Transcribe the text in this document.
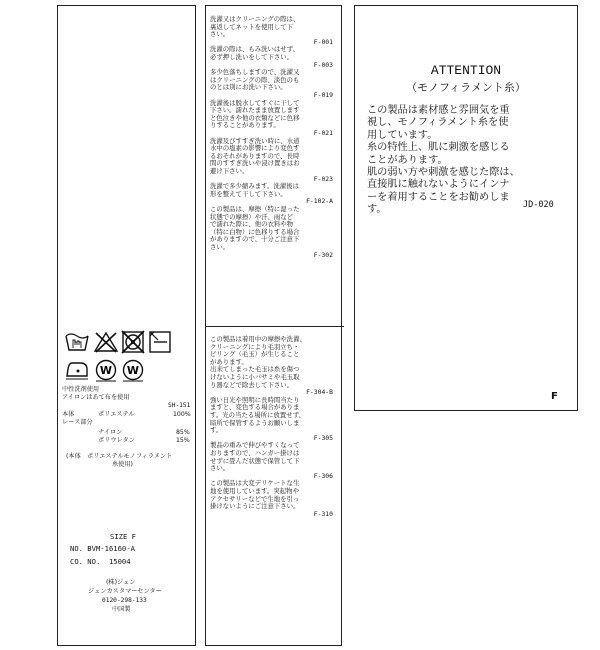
W W
中性洗剤使用
アイロンはあて布を使用
SH-151
本体	ポリエステル	100%
レース部分
ナイロン	85%
ポリウレタン	15%
(本体　ポリエステルモノフィラメント
糸使用)
SIZE F
NO. BVM-16160-A
CO. NO.  15004
(株)ジュン
ジュンカスタマーセンター
0120-298-133
中国製
洗濯又はクリーニングの際は、
裏返してネットを使用して下
さい。
F-001
洗濯の際は、もみ洗いはせず、
必ず押し洗いをして下さい。
F-003
多少色落ちしますので、洗濯又
はクリーニングの際、淡色のも
のとは別にお洗い下さい。
F-019
洗濯後は脱水してすぐに干して
下さい。濡れたまま放置します
と色泣きや他の衣類などに色移
りすることがあります。
F-021
洗濯及びすすぎ洗い時に、水道
水中の塩素の影響により変色す
るおそれがありますので、長時
間のすすぎ洗いや浸け置きはお
避け下さい。
F-023
洗濯で多少縮みます。洗濯後は
形を整えて干して下さい。
F-102-A
この製品は、摩擦（特に湿った
状態での摩擦）や汗、雨など
で濡れた際に、他の衣料や物
（特に白物）に色移りする場合
がありますので、十分ご注意下
さい。
F-302
この製品は着用中の摩擦や洗濯、
クリーニングにより毛羽立ち・
ピリング（毛玉）が生じること
があります。
出来てしまった毛玉は糸を傷つ
けないように小バサミや毛玉取
り器などで除去して下さい。
F-304-B
強い日光や照明に長時間当たり
ますと、変色する場合がありま
す。光の当たる場所に放置せず、
暗所で保管するようお願いしま
す。
F-305
製品の重みで伸びやすくなって
おりますので、ハンガー掛けは
せずに畳んだ状態で保管して下
さい。
F-306
この製品は大変デリケートな生
地を使用しています。突起物や
アクセサリーなどで生地を引っ
掛けないようにご注意下さい。
F-310
ATTENTION
（モノフィラメント糸）
この製品は素材感と雰囲気を重
視し、モノフィラメント糸を使
用しています。
糸の特性上、肌に刺激を感じる
ことがあります。
肌の弱い方や刺激を感じた際は、
直接肌に触れないようにインナ
ーを着用することをお勧めしま
す。	JD-020
F
